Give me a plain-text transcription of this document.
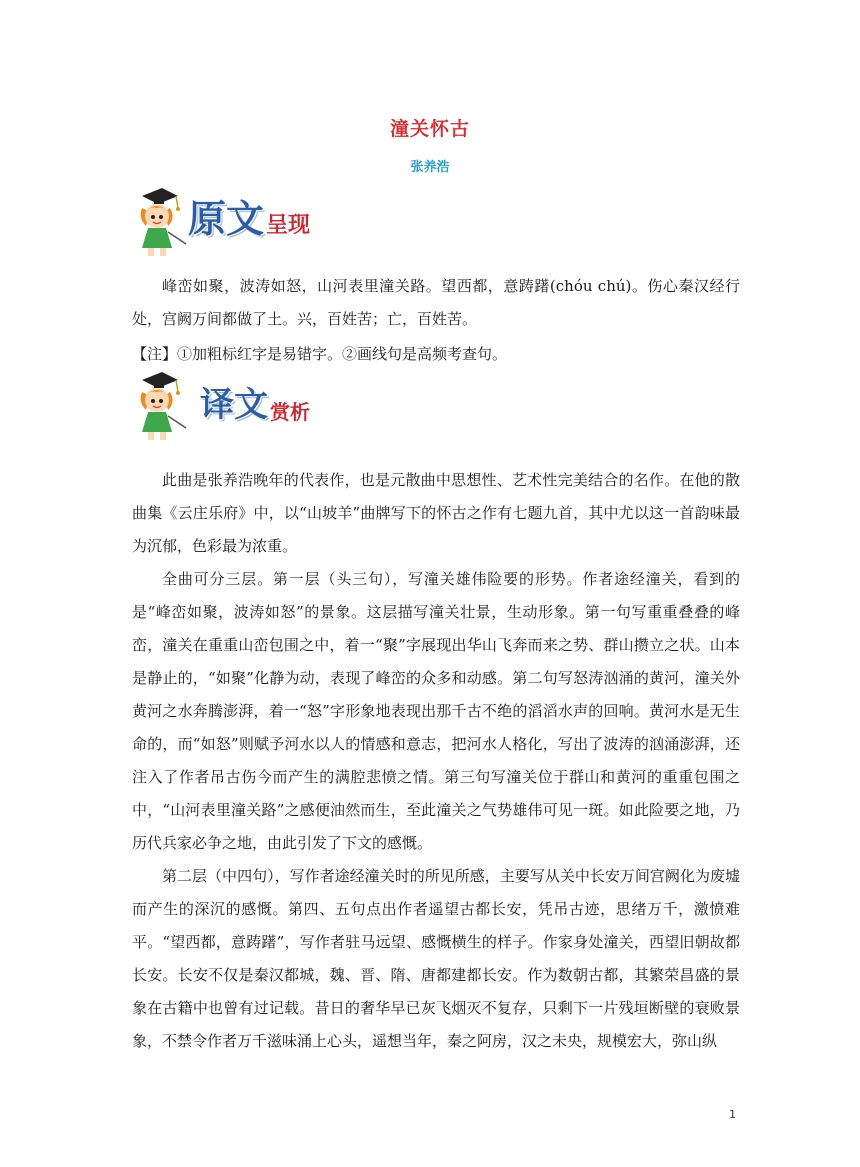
潼关怀古
张养浩
原文 呈现

峰峦如聚，波涛如怒，山河表里潼关路。望西都，意踌躇(chóu chú)。伤心秦汉经行处，宫阙万间都做了土。兴，百姓苦；亡，百姓苦。

【注】①加粗标红字是易错字。②画线句是高频考查句。
译文 赏析

此曲是张养浩晚年的代表作，也是元散曲中思想性、艺术性完美结合的名作。在他的散曲集《云庄乐府》中，以“山坡羊”曲牌写下的怀古之作有七题九首，其中尤以这一首韵味最为沉郁，色彩最为浓重。

全曲可分三层。第一层（头三句），写潼关雄伟险要的形势。作者途经潼关，看到的是“峰峦如聚，波涛如怒”的景象。这层描写潼关壮景，生动形象。第一句写重重叠叠的峰峦，潼关在重重山峦包围之中，着一“聚”字展现出华山飞奔而来之势、群山攒立之状。山本是静止的，“如聚”化静为动，表现了峰峦的众多和动感。第二句写怒涛汹涌的黄河，潼关外黄河之水奔腾澎湃，着一“怒”字形象地表现出那千古不绝的滔滔水声的回响。黄河水是无生命的，而“如怒”则赋予河水以人的情感和意志，把河水人格化，写出了波涛的汹涌澎湃，还注入了作者吊古伤今而产生的满腔悲愤之情。第三句写潼关位于群山和黄河的重重包围之中，“山河表里潼关路”之感便油然而生，至此潼关之气势雄伟可见一斑。如此险要之地，乃历代兵家必争之地，由此引发了下文的感慨。

第二层（中四句），写作者途经潼关时的所见所感，主要写从关中长安万间宫阙化为废墟而产生的深沉的感慨。第四、五句点出作者遥望古都长安，凭吊古迹，思绪万千，激愤难平。“望西都，意踌躇”，写作者驻马远望、感慨横生的样子。作家身处潼关，西望旧朝故都长安。长安不仅是秦汉都城，魏、晋、隋、唐都建都长安。作为数朝古都，其繁荣昌盛的景象在古籍中也曾有过记载。昔日的奢华早已灰飞烟灭不复存，只剩下一片残垣断壁的衰败景象，不禁令作者万千滋味涌上心头，遥想当年，秦之阿房，汉之未央，规模宏大，弥山纵

1
